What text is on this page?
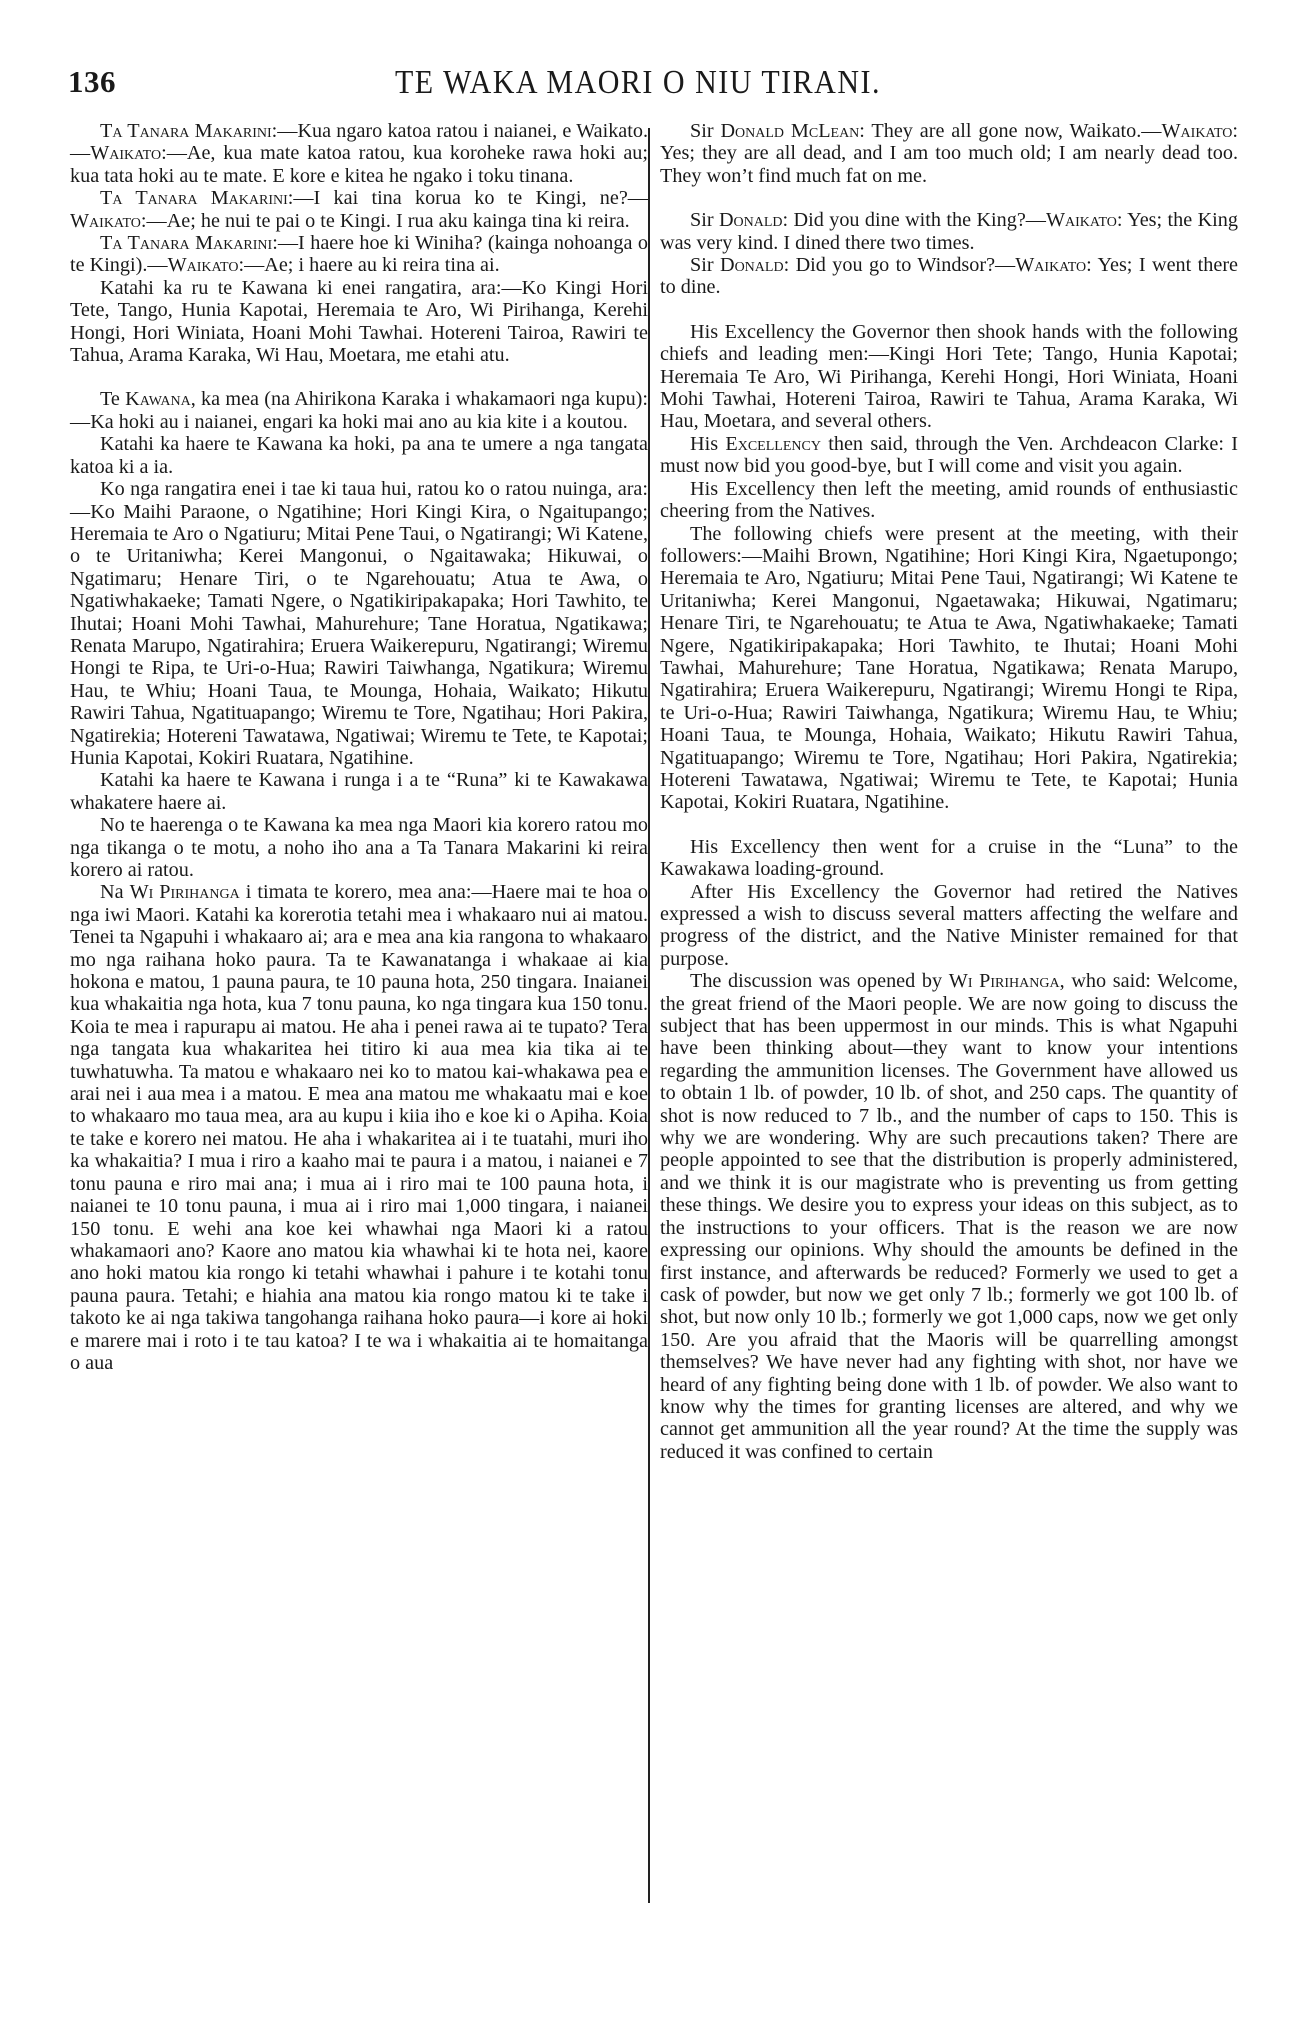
136	TE WAKA MAORI O NIU TIRANI.

Ta Tanara Makarini:—Kua ngaro katoa ratou i naianei, e Waikato.—Waikato:—Ae, kua mate katoa ratou, kua koroheke rawa hoki au; kua tata hoki au te mate. E kore e kitea he ngako i toku tinana.

Ta Tanara Makarini:—I kai tina korua ko te Kingi, ne?—Waikato:—Ae; he nui te pai o te Kingi. I rua aku kainga tina ki reira.

Ta Tanara Makarini:—I haere hoe ki Winiha? (kainga nohoanga o te Kingi).—Waikato:—Ae; i haere au ki reira tina ai.

Katahi ka ru te Kawana ki enei rangatira, ara:—Ko Kingi Hori Tete, Tango, Hunia Kapotai, Heremaia te Aro, Wi Pirihanga, Kerehi Hongi, Hori Winiata, Hoani Mohi Tawhai. Hotereni Tairoa, Rawiri te Tahua, Arama Karaka, Wi Hau, Moetara, me etahi atu.

Te Kawana, ka mea (na Ahirikona Karaka i whakamaori nga kupu):—Ka hoki au i naianei, engari ka hoki mai ano au kia kite i a koutou.

Katahi ka haere te Kawana ka hoki, pa ana te umere a nga tangata katoa ki a ia.

Ko nga rangatira enei i tae ki taua hui, ratou ko o ratou nuinga, ara:—Ko Maihi Paraone, o Ngatihine; Hori Kingi Kira, o Ngaitupango; Heremaia te Aro o Ngatiuru; Mitai Pene Taui, o Ngatirangi; Wi Katene, o te Uritaniwha; Kerei Mangonui, o Ngaitawaka; Hikuwai, o Ngatimaru; Henare Tiri, o te Ngarehouatu; Atua te Awa, o Ngatiwhakaeke; Tamati Ngere, o Ngatikiripakapaka; Hori Tawhito, te Ihutai; Hoani Mohi Tawhai, Mahurehure; Tane Horatua, Ngatikawa; Renata Marupo, Ngatirahira; Eruera Waikerepuru, Ngatirangi; Wiremu Hongi te Ripa, te Uri-o-Hua; Rawiri Taiwhanga, Ngatikura; Wiremu Hau, te Whiu; Hoani Taua, te Mounga, Hohaia, Waikato; Hikutu Rawiri Tahua, Ngatituapango; Wiremu te Tore, Ngatihau; Hori Pakira, Ngatirekia; Hotereni Tawatawa, Ngatiwai; Wiremu te Tete, te Kapotai; Hunia Kapotai, Kokiri Ruatara, Ngatihine.

Katahi ka haere te Kawana i runga i a te “Runa” ki te Kawakawa whakatere haere ai.

No te haerenga o te Kawana ka mea nga Maori kia korero ratou mo nga tikanga o te motu, a noho iho ana a Ta Tanara Makarini ki reira korero ai ratou.

Na Wi Pirihanga i timata te korero, mea ana:—Haere mai te hoa o nga iwi Maori. Katahi ka korerotia tetahi mea i whakaaro nui ai matou. Tenei ta Ngapuhi i whakaaro ai; ara e mea ana kia rangona to whakaaro mo nga raihana hoko paura. Ta te Kawanatanga i whakaae ai kia hokona e matou, 1 pauna paura, te 10 pauna hota, 250 tingara. Inaianei kua whakaitia nga hota, kua 7 tonu pauna, ko nga tingara kua 150 tonu. Koia te mea i rapurapu ai matou. He aha i penei rawa ai te tupato? Tera nga tangata kua whakaritea hei titiro ki aua mea kia tika ai te tuwhatuwha. Ta matou e whakaaro nei ko to matou kai-whakawa pea e arai nei i aua mea i a matou. E mea ana matou me whakaatu mai e koe to whakaaro mo taua mea, ara au kupu i kiia iho e koe ki o Apiha. Koia te take e korero nei matou. He aha i whakaritea ai i te tuatahi, muri iho ka whakaitia? I mua i riro a kaaho mai te paura i a matou, i naianei e 7 tonu pauna e riro mai ana; i mua ai i riro mai te 100 pauna hota, i naianei te 10 tonu pauna, i mua ai i riro mai 1,000 tingara, i naianei 150 tonu. E wehi ana koe kei whawhai nga Maori ki a ratou whakamaori ano? Kaore ano matou kia whawhai ki te hota nei, kaore ano hoki matou kia rongo ki tetahi whawhai i pahure i te kotahi tonu pauna paura. Tetahi; e hiahia ana matou kia rongo matou ki te take i takoto ke ai nga takiwa tangohanga raihana hoko paura—i kore ai hoki e marere mai i roto i te tau katoa? I te wa i whakaitia ai te homaitanga o aua

Sir Donald McLean: They are all gone now, Waikato.—Waikato: Yes; they are all dead, and I am too much old; I am nearly dead too. They won’t find much fat on me.

Sir Donald: Did you dine with the King?—Waikato: Yes; the King was very kind. I dined there two times.

Sir Donald: Did you go to Windsor?—Waikato: Yes; I went there to dine.

His Excellency the Governor then shook hands with the following chiefs and leading men:—Kingi Hori Tete; Tango, Hunia Kapotai; Heremaia Te Aro, Wi Pirihanga, Kerehi Hongi, Hori Winiata, Hoani Mohi Tawhai, Hotereni Tairoa, Rawiri te Tahua, Arama Karaka, Wi Hau, Moetara, and several others.

His Excellency then said, through the Ven. Archdeacon Clarke: I must now bid you good-bye, but I will come and visit you again.

His Excellency then left the meeting, amid rounds of enthusiastic cheering from the Natives.

The following chiefs were present at the meeting, with their followers:—Maihi Brown, Ngatihine; Hori Kingi Kira, Ngaetupongo; Heremaia te Aro, Ngatiuru; Mitai Pene Taui, Ngatirangi; Wi Katene te Uritaniwha; Kerei Mangonui, Ngaetawaka; Hikuwai, Ngatimaru; Henare Tiri, te Ngarehouatu; te Atua te Awa, Ngatiwhakaeke; Tamati Ngere, Ngatikiripakapaka; Hori Tawhito, te Ihutai; Hoani Mohi Tawhai, Mahurehure; Tane Horatua, Ngatikawa; Renata Marupo, Ngatirahira; Eruera Waikerepuru, Ngatirangi; Wiremu Hongi te Ripa, te Uri-o-Hua; Rawiri Taiwhanga, Ngatikura; Wiremu Hau, te Whiu; Hoani Taua, te Mounga, Hohaia, Waikato; Hikutu Rawiri Tahua, Ngatituapango; Wiremu te Tore, Ngatihau; Hori Pakira, Ngatirekia; Hotereni Tawatawa, Ngatiwai; Wiremu te Tete, te Kapotai; Hunia Kapotai, Kokiri Ruatara, Ngatihine.

His Excellency then went for a cruise in the “Luna” to the Kawakawa loading-ground.

After His Excellency the Governor had retired the Natives expressed a wish to discuss several matters affecting the welfare and progress of the district, and the Native Minister remained for that purpose.

The discussion was opened by Wi Pirihanga, who said: Welcome, the great friend of the Maori people. We are now going to discuss the subject that has been uppermost in our minds. This is what Ngapuhi have been thinking about—they want to know your intentions regarding the ammunition licenses. The Government have allowed us to obtain 1 lb. of powder, 10 lb. of shot, and 250 caps. The quantity of shot is now reduced to 7 lb., and the number of caps to 150. This is why we are wondering. Why are such precautions taken? There are people appointed to see that the distribution is properly administered, and we think it is our magistrate who is preventing us from getting these things. We desire you to express your ideas on this subject, as to the instructions to your officers. That is the reason we are now expressing our opinions. Why should the amounts be defined in the first instance, and afterwards be reduced? Formerly we used to get a cask of powder, but now we get only 7 lb.; formerly we got 100 lb. of shot, but now only 10 lb.; formerly we got 1,000 caps, now we get only 150. Are you afraid that the Maoris will be quarrelling amongst themselves? We have never had any fighting with shot, nor have we heard of any fighting being done with 1 lb. of powder. We also want to know why the times for granting licenses are altered, and why we cannot get ammunition all the year round? At the time the supply was reduced it was confined to certain
